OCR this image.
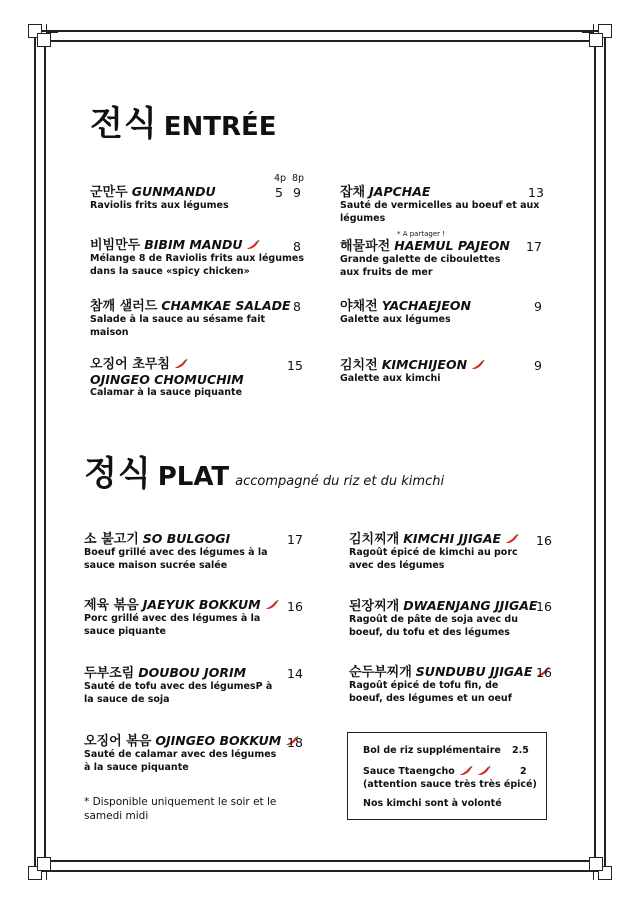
전식 ENTRÉE
4p 8p
군만두 GUNMANDU
Raviolis frits aux légumes
5 9
비빔만두 BIBIM MANDU
Mélange 8 de Raviolis frits aux légumes dans la sauce «spicy chicken»
8
참깨 샐러드 CHAMKAE SALADE
Salade à la sauce au sésame fait maison
8
오징어 초무침
OJINGEO CHOMUCHIM
Calamar à la sauce piquante
15
잡채 JAPCHAE
Sauté de vermicelles au boeuf et aux légumes
13
* A partager !
해물파전 HAEMUL PAJEON
Grande galette de ciboulettes aux fruits de mer
17
야채전 YACHAEJEON
Galette aux légumes
9
김치전 KIMCHIJEON
Galette aux kimchi
9
정식 PLAT accompagné du riz et du kimchi
소 불고기 SO BULGOGI
Boeuf grillé avec des légumes à la sauce maison sucrée salée
17
제육 볶음 JAEYUK BOKKUM
Porc grillé avec des légumes à la sauce piquante
16
두부조림 DOUBOU JORIM
Sauté de tofu avec des légumesP à la sauce de soja
14
오징어 볶음 OJINGEO BOKKUM
Sauté de calamar avec des légumes à la sauce piquante
18
김치찌개 KIMCHI JJIGAE
Ragoût épicé de kimchi au porc avec des légumes
16
된장찌개 DWAENJANG JJIGAE
Ragoût de pâte de soja avec du boeuf, du tofu et des légumes
16
순두부찌개 SUNDUBU JJIGAE
Ragoût épicé de tofu fin, de boeuf, des légumes et un oeuf
16
* Disponible uniquement le soir et le samedi midi
Bol de riz supplémentaire 2.5
Sauce Ttaengcho	2
(attention sauce très très épicé)
Nos kimchi sont à volonté
